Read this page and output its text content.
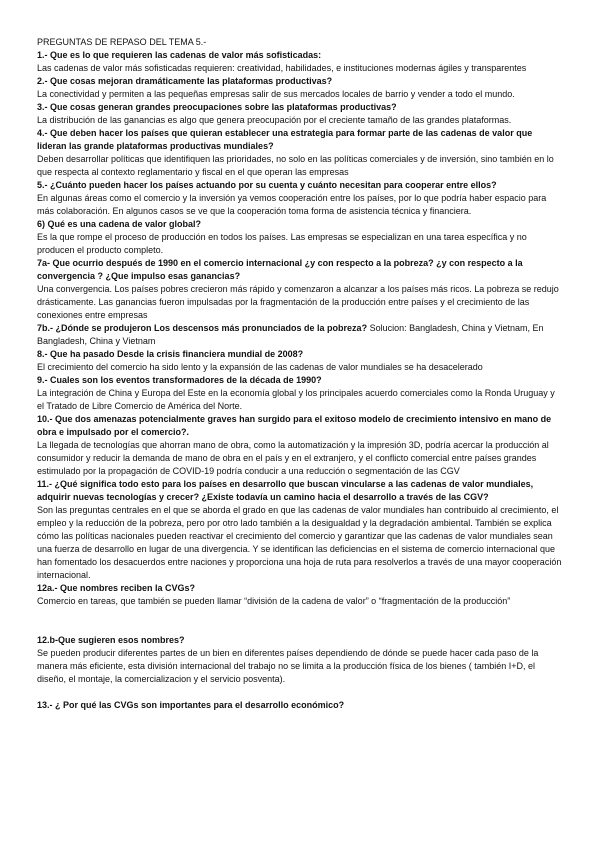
PREGUNTAS DE REPASO DEL TEMA 5.-

1.- Que es lo que requieren las cadenas de valor más sofisticadas:

Las cadenas de valor más sofisticadas requieren: creatividad, habilidades, e instituciones modernas ágiles y transparentes

2.- Que cosas mejoran dramáticamente las plataformas productivas?

La conectividad y permiten a las pequeñas empresas salir de sus mercados locales de barrio y vender a todo el mundo.

3.- Que cosas generan grandes preocupaciones sobre las plataformas productivas?

La distribución de las ganancias es algo que genera preocupación por el creciente tamaño de las grandes plataformas.

4.- Que deben hacer los países que quieran establecer una estrategia para formar parte de las cadenas de valor que lideran las grande plataformas productivas mundiales?

Deben desarrollar políticas que identifiquen las prioridades, no solo en las políticas comerciales y de inversión, sino también en lo que respecta al contexto reglamentario y fiscal en el que operan las empresas

5.- ¿Cuánto pueden hacer los países actuando por su cuenta y cuánto necesitan para cooperar entre ellos?

En algunas áreas como el comercio y la inversión ya vemos cooperación entre los países, por lo que podría haber espacio para más colaboración. En algunos casos se ve que la cooperación toma forma de asistencia técnica y financiera.

6) Qué es una cadena de valor global?

Es la que rompe el proceso de producción en todos los países. Las empresas se especializan en una tarea específica y no producen el producto completo.

7a- Que ocurrio después de 1990 en el comercio internacional ¿y con respecto a la pobreza? ¿y con respecto a la convergencia ? ¿Que impulso esas ganancias?

Una convergencia. Los países pobres crecieron más rápido y comenzaron a alcanzar a los países más ricos. La pobreza se redujo drásticamente. Las ganancias fueron impulsadas por la fragmentación de la producción entre países y el crecimiento de las conexiones entre empresas

7b.- ¿Dónde se produjeron Los descensos más pronunciados de la pobreza? Solucion: Bangladesh, China y Vietnam, En Bangladesh, China y Vietnam

8.- Que ha pasado Desde la crisis financiera mundial de 2008?

El crecimiento del comercio ha sido lento y la expansión de las cadenas de valor mundiales se ha desacelerado

9.- Cuales son los eventos transformadores de la década de 1990?

La integración de China y Europa del Este en la economía global y los principales acuerdo comerciales como la Ronda Uruguay y el Tratado de Libre Comercio de América del Norte.

10.- Que dos amenazas potencialmente graves han surgido para el exitoso modelo de crecimiento intensivo en mano de obra e impulsado por el comercio?.

La llegada de tecnologías que ahorran mano de obra, como la automatización y la impresión 3D, podría acercar la producción al consumidor y reducir la demanda de mano de obra en el país y en el extranjero, y el conflicto comercial entre países grandes estimulado por la propagación de COVID-19 podría conducir a una reducción o segmentación de las CGV

11.- ¿Qué significa todo esto para los países en desarrollo que buscan vincularse a las cadenas de valor mundiales, adquirir nuevas tecnologías y crecer? ¿Existe todavía un camino hacia el desarrollo a través de las CGV?

Son las preguntas centrales en el que se aborda el grado en que las cadenas de valor mundiales han contribuido al crecimiento, el empleo y la reducción de la pobreza, pero por otro lado también a la desigualdad y la degradación ambiental. También se explica cómo las políticas nacionales pueden reactivar el crecimiento del comercio y garantizar que las cadenas de valor mundiales sean una fuerza de desarrollo en lugar de una divergencia. Y se identifican las deficiencias en el sistema de comercio internacional que han fomentado los desacuerdos entre naciones y proporciona una hoja de ruta para resolverlos a través de una mayor cooperación internacional.

12a.- Que nombres reciben la CVGs?

Comercio en tareas, que también se pueden llamar “división de la cadena de valor” o “fragmentación de la producción”

12.b-Que sugieren esos nombres?

Se pueden producir diferentes partes de un bien en diferentes países dependiendo de dónde se puede hacer cada paso de la manera más eficiente, esta división internacional del trabajo no se limita a la producción física de los bienes ( también I+D, el diseño, el montaje, la comercializacion y el servicio posventa).

13.- ¿ Por qué las CVGs son importantes para el desarrollo económico?
